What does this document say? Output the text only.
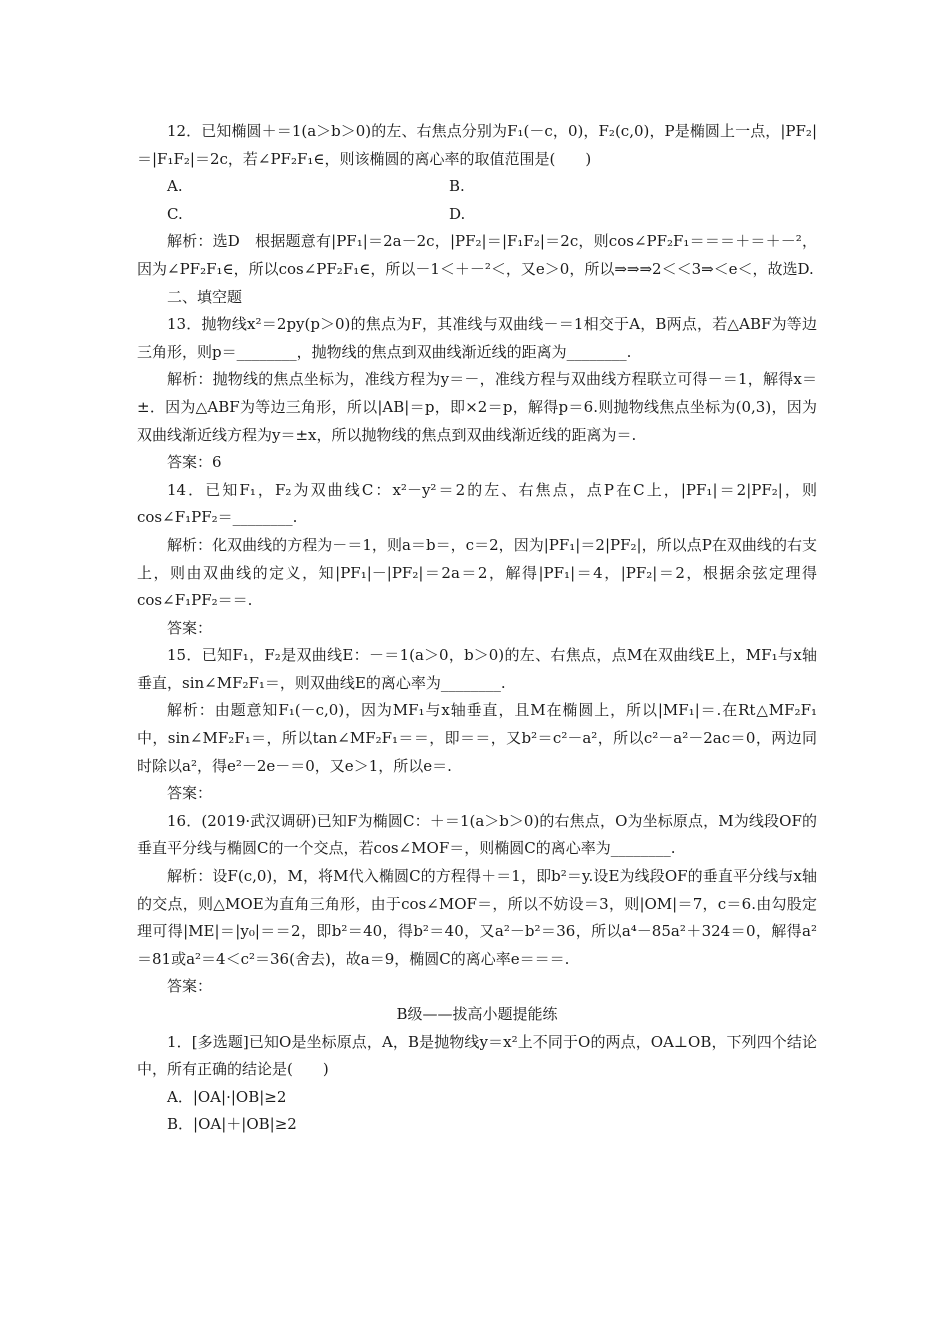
12．已知椭圆＋＝1(a＞b＞0)的左、右焦点分别为F₁(－c，0)，F₂(c,0)，P是椭圆上一点，|PF₂|＝|F₁F₂|＝2c，若∠PF₂F₁∈，则该椭圆的离心率的取值范围是(　　)

A.	B.
C.	D.

解析：选D　根据题意有|PF₁|＝2a－2c，|PF₂|＝|F₁F₂|＝2c，则cos∠PF₂F₁＝＝＝＋＝＋－²，因为∠PF₂F₁∈，所以cos∠PF₂F₁∈，所以－1＜＋－²＜，又e＞0，所以⇒⇒⇒2＜＜3⇒＜e＜，故选D.

二、填空题

13．抛物线x²＝2py(p＞0)的焦点为F，其准线与双曲线－＝1相交于A，B两点，若△ABF为等边三角形，则p＝________，抛物线的焦点到双曲线渐近线的距离为________.

解析：抛物线的焦点坐标为，准线方程为y＝－，准线方程与双曲线方程联立可得－＝1，解得x＝±．因为△ABF为等边三角形，所以|AB|＝p，即×2＝p，解得p＝6.则抛物线焦点坐标为(0,3)，因为双曲线渐近线方程为y＝±x，所以抛物线的焦点到双曲线渐近线的距离为＝.

答案：6

14．已知F₁，F₂为双曲线C：x²－y²＝2的左、右焦点，点P在C上，|PF₁|＝2|PF₂|，则cos∠F₁PF₂＝________.

解析：化双曲线的方程为－＝1，则a＝b＝，c＝2，因为|PF₁|＝2|PF₂|，所以点P在双曲线的右支上，则由双曲线的定义，知|PF₁|－|PF₂|＝2a＝2，解得|PF₁|＝4，|PF₂|＝2，根据余弦定理得cos∠F₁PF₂＝＝.

答案：

15．已知F₁，F₂是双曲线E：－＝1(a＞0，b＞0)的左、右焦点，点M在双曲线E上，MF₁与x轴垂直，sin∠MF₂F₁＝，则双曲线E的离心率为________.

解析：由题意知F₁(－c,0)，因为MF₁与x轴垂直，且M在椭圆上，所以|MF₁|＝.在Rt△MF₂F₁中，sin∠MF₂F₁＝，所以tan∠MF₂F₁＝＝，即＝＝，又b²＝c²－a²，所以c²－a²－2ac＝0，两边同时除以a²，得e²－2e－＝0，又e＞1，所以e＝.

答案：

16．(2019·武汉调研)已知F为椭圆C：＋＝1(a＞b＞0)的右焦点，O为坐标原点，M为线段OF的垂直平分线与椭圆C的一个交点，若cos∠MOF＝，则椭圆C的离心率为________.

解析：设F(c,0)，M，将M代入椭圆C的方程得＋＝1，即b²＝y.设E为线段OF的垂直平分线与x轴的交点，则△MOE为直角三角形，由于cos∠MOF＝，所以不妨设＝3，则|OM|＝7，c＝6.由勾股定理可得|ME|＝|y₀|＝＝2，即b²＝40，得b²＝40，又a²－b²＝36，所以a⁴－85a²＋324＝0，解得a²＝81或a²＝4＜c²＝36(舍去)，故a＝9，椭圆C的离心率e＝＝＝.

答案：

B级——拔高小题提能练

1．[多选题]已知O是坐标原点，A，B是抛物线y＝x²上不同于O的两点，OA⊥OB，下列四个结论中，所有正确的结论是(　　)

A．|OA|·|OB|≥2

B．|OA|＋|OB|≥2
